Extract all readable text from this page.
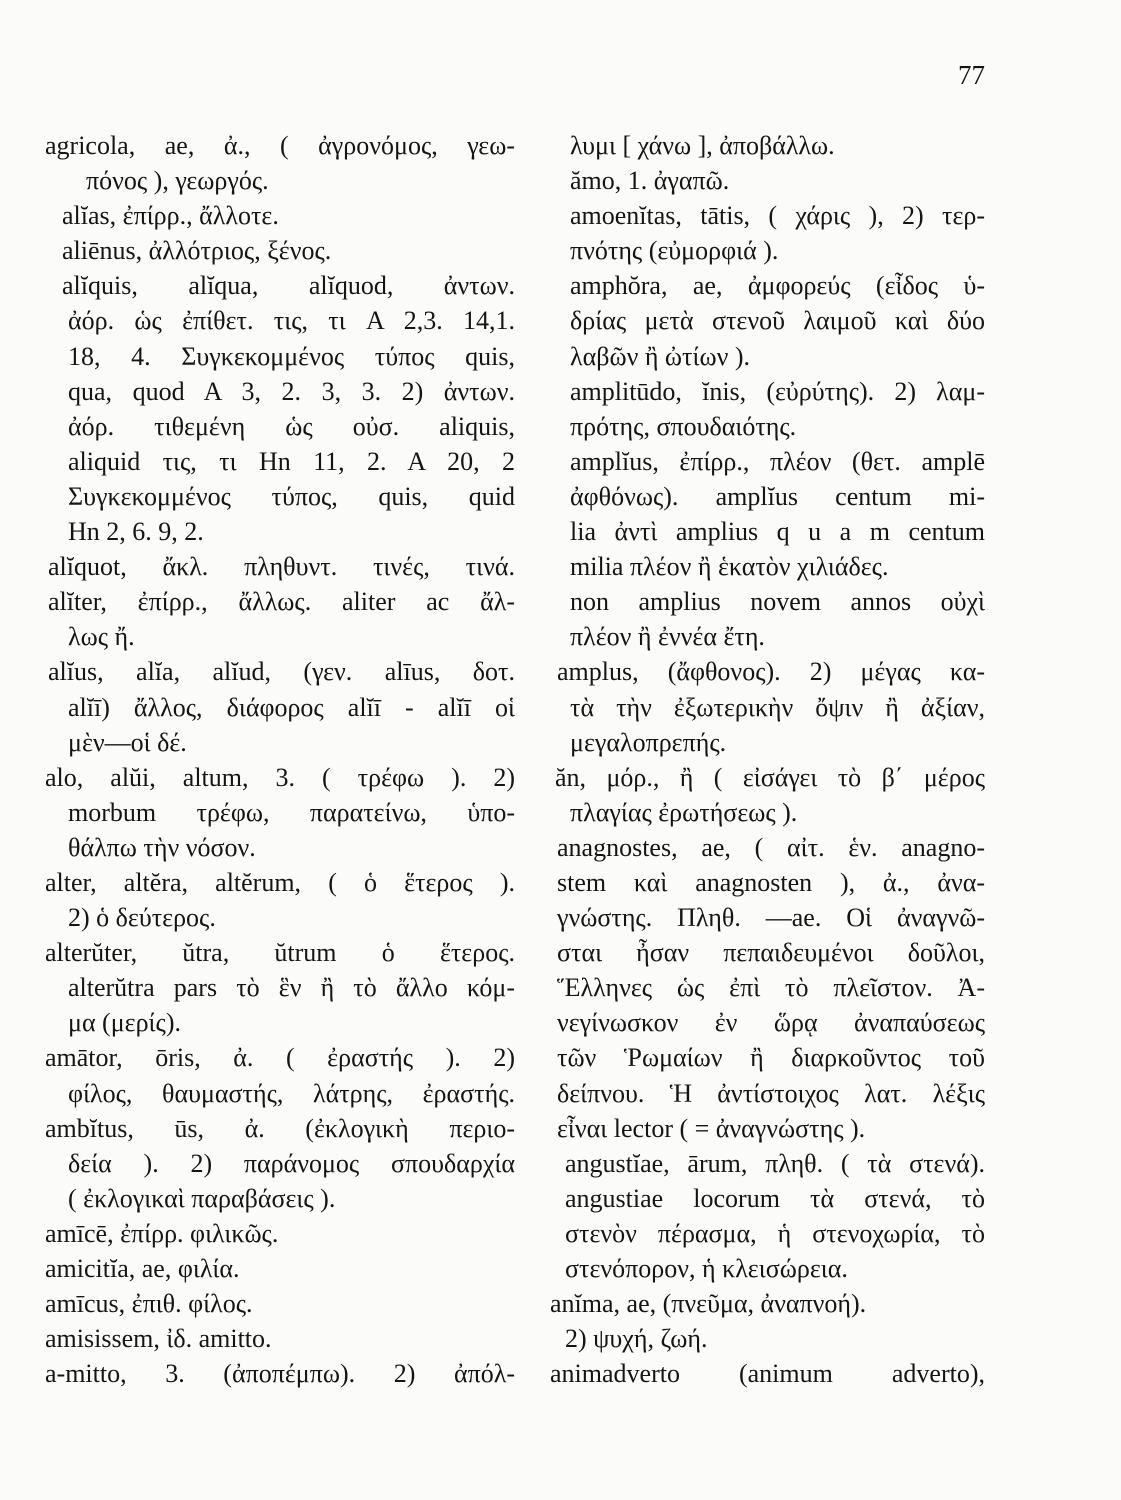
77
agricola, ae, ἀ., ( ἀγρονόμος, γεω-
πόνος ), γεωργός.
alĭas, ἐπίρρ., ἄλλοτε.
aliēnus, ἀλλότριος, ξένος.
alĭquis, alĭqua, alĭquod, ἀντων.
ἀόρ. ὡς ἐπίθετ. τις, τι A 2,3. 14,1.
18, 4. Συγκεκομμένος τύπος quis,
qua, quod A 3, 2. 3, 3. 2) ἀντων.
ἀόρ. τιθεμένη ὡς οὐσ. aliquis,
aliquid τις, τι Hn 11, 2. A 20, 2
Συγκεκομμένος τύπος, quis, quid
Hn 2, 6. 9, 2.
alĭquot, ἄκλ. πληθυντ. τινές, τινά.
alĭter, ἐπίρρ., ἄλλως. aliter ac ἄλ-
λως ἤ.
alĭus, alĭa, alĭud, (γεν. alīus, δοτ.
alĭī) ἄλλος, διάφορος alĭī - alĭī οἱ
μὲν—οἱ δέ.
alo, alŭi, altum, 3. ( τρέφω ). 2)
morbum τρέφω, παρατείνω, ὑπο-
θάλπω τὴν νόσον.
alter, altĕra, altĕrum, ( ὁ ἕτερος ).
2) ὁ δεύτερος.
alterŭter, ŭtra, ŭtrum ὁ ἕτερος.
alterŭtra pars τὸ ἓν ἢ τὸ ἄλλο κόμ-
μα (μερίς).
amātor, ōris, ἀ. ( ἐραστής ). 2)
φίλος, θαυμαστής, λάτρης, ἐραστής.
ambĭtus, ūs, ἀ. (ἐκλογικὴ περιο-
δεία ). 2) παράνομος σπουδαρχία
( ἐκλογικαὶ παραβάσεις ).
amīcē, ἐπίρρ. φιλικῶς.
amicitĭa, ae, φιλία.
amīcus, ἐπιθ. φίλος.
amisissem, ἰδ. amitto.
a-mitto, 3. (ἀποπέμπω). 2) ἀπόλ-
λυμι [ χάνω ], ἀποβάλλω.
ămo, 1. ἀγαπῶ.
amoenĭtas, tātis, ( χάρις ), 2) τερ-
πνότης (εὐμορφιά ).
amphŏra, ae, ἀμφορεύς (εἶδος ὑ-
δρίας μετὰ στενοῦ λαιμοῦ καὶ δύο
λαβῶν ἢ ὠτίων ).
amplitūdo, ĭnis, (εὐρύτης). 2) λαμ-
πρότης, σπουδαιότης.
amplĭus, ἐπίρρ., πλέον (θετ. amplē
ἀφθόνως). amplĭus centum mi-
lia ἀντὶ amplius q u a m centum
milia πλέον ἢ ἑκατὸν χιλιάδες.
non amplius novem annos οὐχὶ
πλέον ἢ ἐννέα ἔτη.
amplus, (ἄφθονος). 2) μέγας κα-
τὰ τὴν ἐξωτερικὴν ὄψιν ἢ ἀξίαν,
μεγαλοπρεπής.
ăn, μόρ., ἢ ( εἰσάγει τὸ β΄ μέρος
πλαγίας ἐρωτήσεως ).
anagnostes, ae, ( αἰτ. ἑν. anagno-
stem καὶ anagnosten ), ἀ., ἀνα-
γνώστης. Πληθ. —ae. Οἱ ἀναγνῶ-
σται ἦσαν πεπαιδευμένοι δοῦλοι,
Ἕλληνες ὡς ἐπὶ τὸ πλεῖστον. Ἀ-
νεγίνωσκον ἐν ὥρᾳ ἀναπαύσεως
τῶν Ῥωμαίων ἢ διαρκοῦντος τοῦ
δείπνου. Ἡ ἀντίστοιχος λατ. λέξις
εἶναι lector ( = ἀναγνώστης ).
angustĭae, ārum, πληθ. ( τὰ στενά).
angustiae locorum τὰ στενά, τὸ
στενὸν πέρασμα, ἡ στενοχωρία, τὸ
στενόπορον, ἡ κλεισώρεια.
anĭma, ae, (πνεῦμα, ἀναπνοή).
2) ψυχή, ζωή.
animadverto (animum adverto),
